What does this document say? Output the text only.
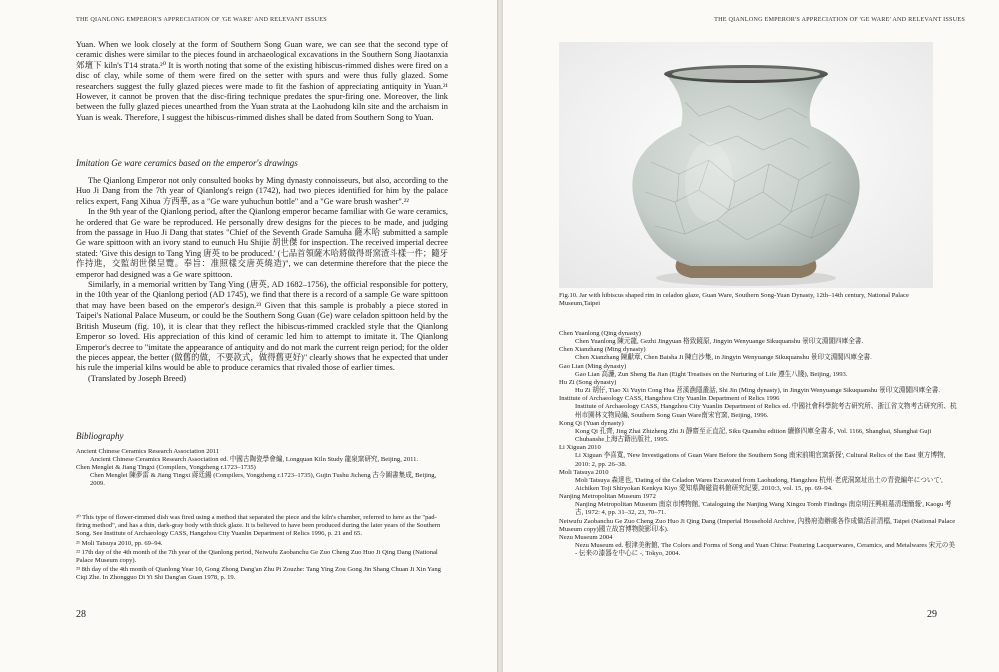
THE QIANLONG EMPEROR'S APPRECIATION OF 'GE WARE' AND RELEVANT ISSUES

Yuan. When we look closely at the form of Southern Song Guan ware, we can see that the second type of ceramic dishes were similar to the pieces found in archaeological excavations in the Southern Song Jiaotanxia 郊壇下 kiln's T14 strata.²⁰ It is worth noting that some of the existing hibiscus-rimmed dishes were fired on a disc of clay, while some of them were fired on the setter with spurs and were thus fully glazed. Some researchers suggest the fully glazed pieces were made to fit the fashion of appreciating antiquity in Yuan.²¹ However, it cannot be proven that the disc-firing technique predates the spur-firing one. Moreover, the link between the fully glazed pieces unearthed from the Yuan strata at the Laohudong kiln site and the archaism in Yuan is weak. Therefore, I suggest the hibiscus-rimmed dishes shall be dated from Southern Song to Yuan.

Imitation Ge ware ceramics based on the emperor's drawings

The Qianlong Emperor not only consulted books by Ming dynasty connoisseurs, but also, according to the Huo Ji Dang from the 7th year of Qianlong's reign (1742), had two pieces identified for him by the palace relics expert, Fang Xihua 方西華, as a "Ge ware yuhuchun bottle" and a "Ge ware brush washer".²²

In the 9th year of the Qianlong period, after the Qianlong emperor became familiar with Ge ware ceramics, he ordered that Ge ware be reproduced. He personally drew designs for the pieces to be made, and judging from the passage in Huo Ji Dang that states "Chief of the Seventh Grade Samuha 薩木哈 submitted a sample Ge ware spittoon with an ivory stand to eunuch Hu Shijie 胡世傑 for inspection. The received imperial decree stated: 'Give this design to Tang Ying 唐英 to be produced.' (七品首領薩木哈將做得哥窯渣斗樣一件；隨牙作持進，交監胡世傑呈覽。奉旨：准照樣交唐英燒造)", we can determine therefore that the piece the emperor had designed was a Ge ware spittoon.

Similarly, in a memorial written by Tang Ying (唐英, AD 1682–1756), the official responsible for pottery, in the 10th year of the Qianlong period (AD 1745), we find that there is a record of a sample Ge ware spittoon that may have been based on the emperor's design.²³ Given that this sample is probably a piece stored in Taipei's National Palace Museum, or could be the Southern Song Guan (Ge) ware celadon spittoon held by the British Museum (fig. 10), it is clear that they reflect the hibiscus-rimmed crackled style that the Qianlong Emperor so loved. His appreciation of this kind of ceramic led him to attempt to imitate it. The Qianlong Emperor's decree to "imitate the appearance of antiquity and do not mark the current reign period; for the older the pieces appear, the better (做舊的做，不要款式，做得舊更好)" clearly shows that he expected that under his rule the imperial kilns would be able to produce ceramics that rivaled those of earlier times.

(Translated by Joseph Breed)

Bibliography
Ancient Chinese Ceramics Research Association 2011
Ancient Chinese Ceramics Research Association ed. 中國古陶瓷學會編, Longquan Kiln Study 龍泉窯研究, Beijing, 2011.
Chen Menglei & Jiang Tingxi (Compilers, Yongzheng r.1723–1735)
Chen Menglei 陳夢雷 & Jiang Tingxi 蔣廷錫 (Compilers, Yongzheng r.1723–1735), Gujin Tushu Jicheng 古今圖書集成, Beijing, 2009.

²⁰ This type of flower-rimmed dish was fired using a method that separated the piece and the kiln's chamber, referred to here as the "pad-firing method", and has a thin, dark-gray body with thick glaze. It is believed to have been produced during the later years of the Southern Song. See Institute of Archaeology CASS, Hangzhou City Yuanlin Department of Relics 1996, p. 21 and 65.

²¹ Moli Tatsuya 2010, pp. 69–94.

²² 17th day of the 4th month of the 7th year of the Qianlong period, Neiwufu Zaobanchu Ge Zuo Cheng Zuo Huo Ji Qing Dang (National Palace Museum copy).

²³ 8th day of the 4th month of Qianlong Year 10, Gong Zhong Dang'an Zhu Pi Zouzhe: Tang Ying Zou Gong Jin Shang Chuan Ji Xin Yang Ciqi Zhe. In Zhongguo Di Yi Shi Dang'an Guan 1978, p. 19.

28
THE QIANLONG EMPEROR'S APPRECIATION OF 'GE WARE' AND RELEVANT ISSUES
Fig.10. Jar with hibiscus shaped rim in celadon glaze, Guan Ware, Southern Song-Yuan Dynasty, 12th–14th century, National Palace Museum,Taipei
Chen Yuanlong (Qing dynasty)
Chen Yuanlong 陳元龍, Gezhi Jingyuan 格致鏡原, Jingyin Wenyuange Sikuquanshu 景印文淵閣四庫全書.
Chen Xianzhang (Ming dynasty)
Chen Xianzhang 陳獻章, Chen Baisha Ji 陳白沙集, in Jingyin Wenyuange Sikuquanshu 景印文淵閣四庫全書.
Gao Lian (Ming dynasty)
Gao Lian 高濂, Zun Sheng Ba Jian (Eight Treatises on the Nurturing of Life 遵生八牋), Beijing, 1993.
Hu Zi (Song dynasty)
Hu Zi 胡仔, Tiao Xi Yuyin Cong Hua 苕溪漁隱叢話, Shi Jin (Ming dynasty), in Jingyin Wenyuange Sikuquanshu 景印文淵閣四庫全書.
Institute of Archaeology CASS, Hangzhou City Yuanlin Department of Relics 1996
Institute of Archaeology CASS, Hangzhou City Yuanlin Department of Relics ed. 中國社會科學院考古研究所、浙江省文物考古研究所、杭州市園林文物局編, Southern Song Guan Ware南宋官窯, Beijing, 1996.
Kong Qi (Yuan dynasty)
Kong Qi 孔齊, Jing Zhai Zhizheng Zhi Ji 靜齋至正直記, Siku Quanshu edition 續修四庫全書本, Vol. 1166, Shanghai, Shanghai Guji Chubanshe上海古籍出版社, 1995.
Li Xiguan 2010
Li Xiguan 李喜寬, 'New Investigations of Guan Ware Before the Southern Song 南宋前期官窯新探', Cultural Relics of the East 東方博物, 2010: 2, pp. 26–38.
Moli Tatsuya 2010
Moli Tatsuya 森達也, 'Dating of the Celadon Wares Excavated from Laohudong, Hangzhou 杭州·老虎洞窯址出土の青瓷編年について', Aichiken Toji Shiryokan Kenkyu Kiyo 愛知県陶磁資料館研究紀要, 2010:3, vol. 15, pp. 69–94.
Nanjing Metropolitan Museum 1972
Nanjing Metropolitan Museum 南京市博物館, 'Cataloguing the Nanjing Wang Xingzu Tomb Findings 南京明汪興祖墓清理簡報', Kaogu 考古, 1972: 4, pp. 31–32, 23, 70–71.
Neiwufu Zaobanchu Ge Zuo Cheng Zuo Huo Ji Qing Dang (Imperial Household Archive, 內務府造辦處各作成做活計清檔, Taipei (National Palace Museum copy)國立故宮博物院影印本).
Nezu Museum 2004
Nezu Museum ed. 根津美術館, The Colors and Forms of Song and Yuan China: Featuring Lacquerwares, Ceramics, and Metalwares 宋元の美 - 伝来の漆器を中心に -, Tokyo, 2004.
29
